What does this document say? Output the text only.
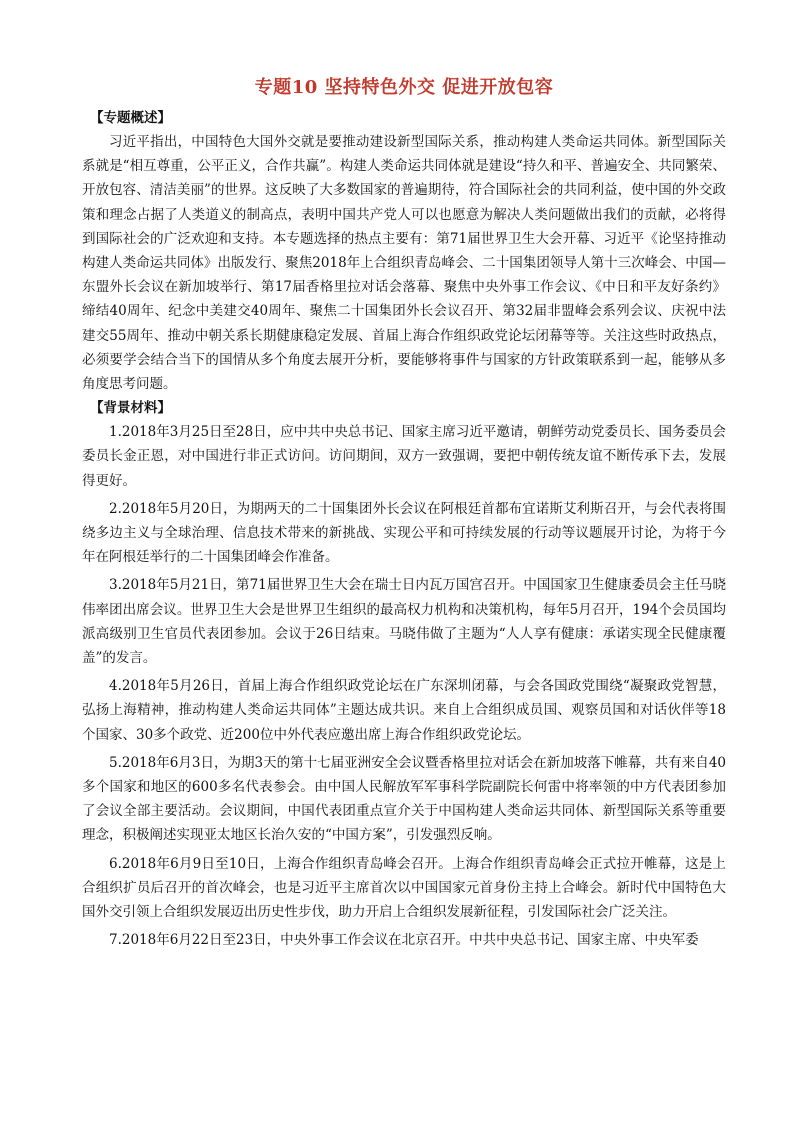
专题10 坚持特色外交 促进开放包容

【专题概述】

习近平指出，中国特色大国外交就是要推动建设新型国际关系，推动构建人类命运共同体。新型国际关系就是“相互尊重，公平正义，合作共赢”。构建人类命运共同体就是建设“持久和平、普遍安全、共同繁荣、开放包容、清洁美丽”的世界。这反映了大多数国家的普遍期待，符合国际社会的共同利益，使中国的外交政策和理念占据了人类道义的制高点，表明中国共产党人可以也愿意为解决人类问题做出我们的贡献，必将得到国际社会的广泛欢迎和支持。本专题选择的热点主要有：第71届世界卫生大会开幕、习近平《论坚持推动构建人类命运共同体》出版发行、聚焦2018年上合组织青岛峰会、二十国集团领导人第十三次峰会、中国—东盟外长会议在新加坡举行、第17届香格里拉对话会落幕、聚焦中央外事工作会议、《中日和平友好条约》缔结40周年、纪念中美建交40周年、聚焦二十国集团外长会议召开、第32届非盟峰会系列会议、庆祝中法建交55周年、推动中朝关系长期健康稳定发展、首届上海合作组织政党论坛闭幕等等。关注这些时政热点，必须要学会结合当下的国情从多个角度去展开分析，要能够将事件与国家的方针政策联系到一起，能够从多角度思考问题。

【背景材料】

1.2018年3月25日至28日，应中共中央总书记、国家主席习近平邀请，朝鲜劳动党委员长、国务委员会委员长金正恩，对中国进行非正式访问。访问期间，双方一致强调，要把中朝传统友谊不断传承下去，发展得更好。

2.2018年5月20日，为期两天的二十国集团外长会议在阿根廷首都布宜诺斯艾利斯召开，与会代表将围绕多边主义与全球治理、信息技术带来的新挑战、实现公平和可持续发展的行动等议题展开讨论，为将于今年在阿根廷举行的二十国集团峰会作准备。

3.2018年5月21日，第71届世界卫生大会在瑞士日内瓦万国宫召开。中国国家卫生健康委员会主任马晓伟率团出席会议。世界卫生大会是世界卫生组织的最高权力机构和决策机构，每年5月召开，194个会员国均派高级别卫生官员代表团参加。会议于26日结束。马晓伟做了主题为“人人享有健康：承诺实现全民健康覆盖”的发言。

4.2018年5月26日，首届上海合作组织政党论坛在广东深圳闭幕，与会各国政党围绕“凝聚政党智慧，弘扬上海精神，推动构建人类命运共同体”主题达成共识。来自上合组织成员国、观察员国和对话伙伴等18个国家、30多个政党、近200位中外代表应邀出席上海合作组织政党论坛。

5.2018年6月3日，为期3天的第十七届亚洲安全会议暨香格里拉对话会在新加坡落下帷幕，共有来自40多个国家和地区的600多名代表参会。由中国人民解放军军事科学院副院长何雷中将率领的中方代表团参加了会议全部主要活动。会议期间，中国代表团重点宣介关于中国构建人类命运共同体、新型国际关系等重要理念，积极阐述实现亚太地区长治久安的“中国方案”，引发强烈反响。

6.2018年6月9日至10日，上海合作组织青岛峰会召开。上海合作组织青岛峰会正式拉开帷幕，这是上合组织扩员后召开的首次峰会，也是习近平主席首次以中国国家元首身份主持上合峰会。新时代中国特色大国外交引领上合组织发展迈出历史性步伐，助力开启上合组织发展新征程，引发国际社会广泛关注。

7.2018年6月22日至23日，中央外事工作会议在北京召开。中共中央总书记、国家主席、中央军委
